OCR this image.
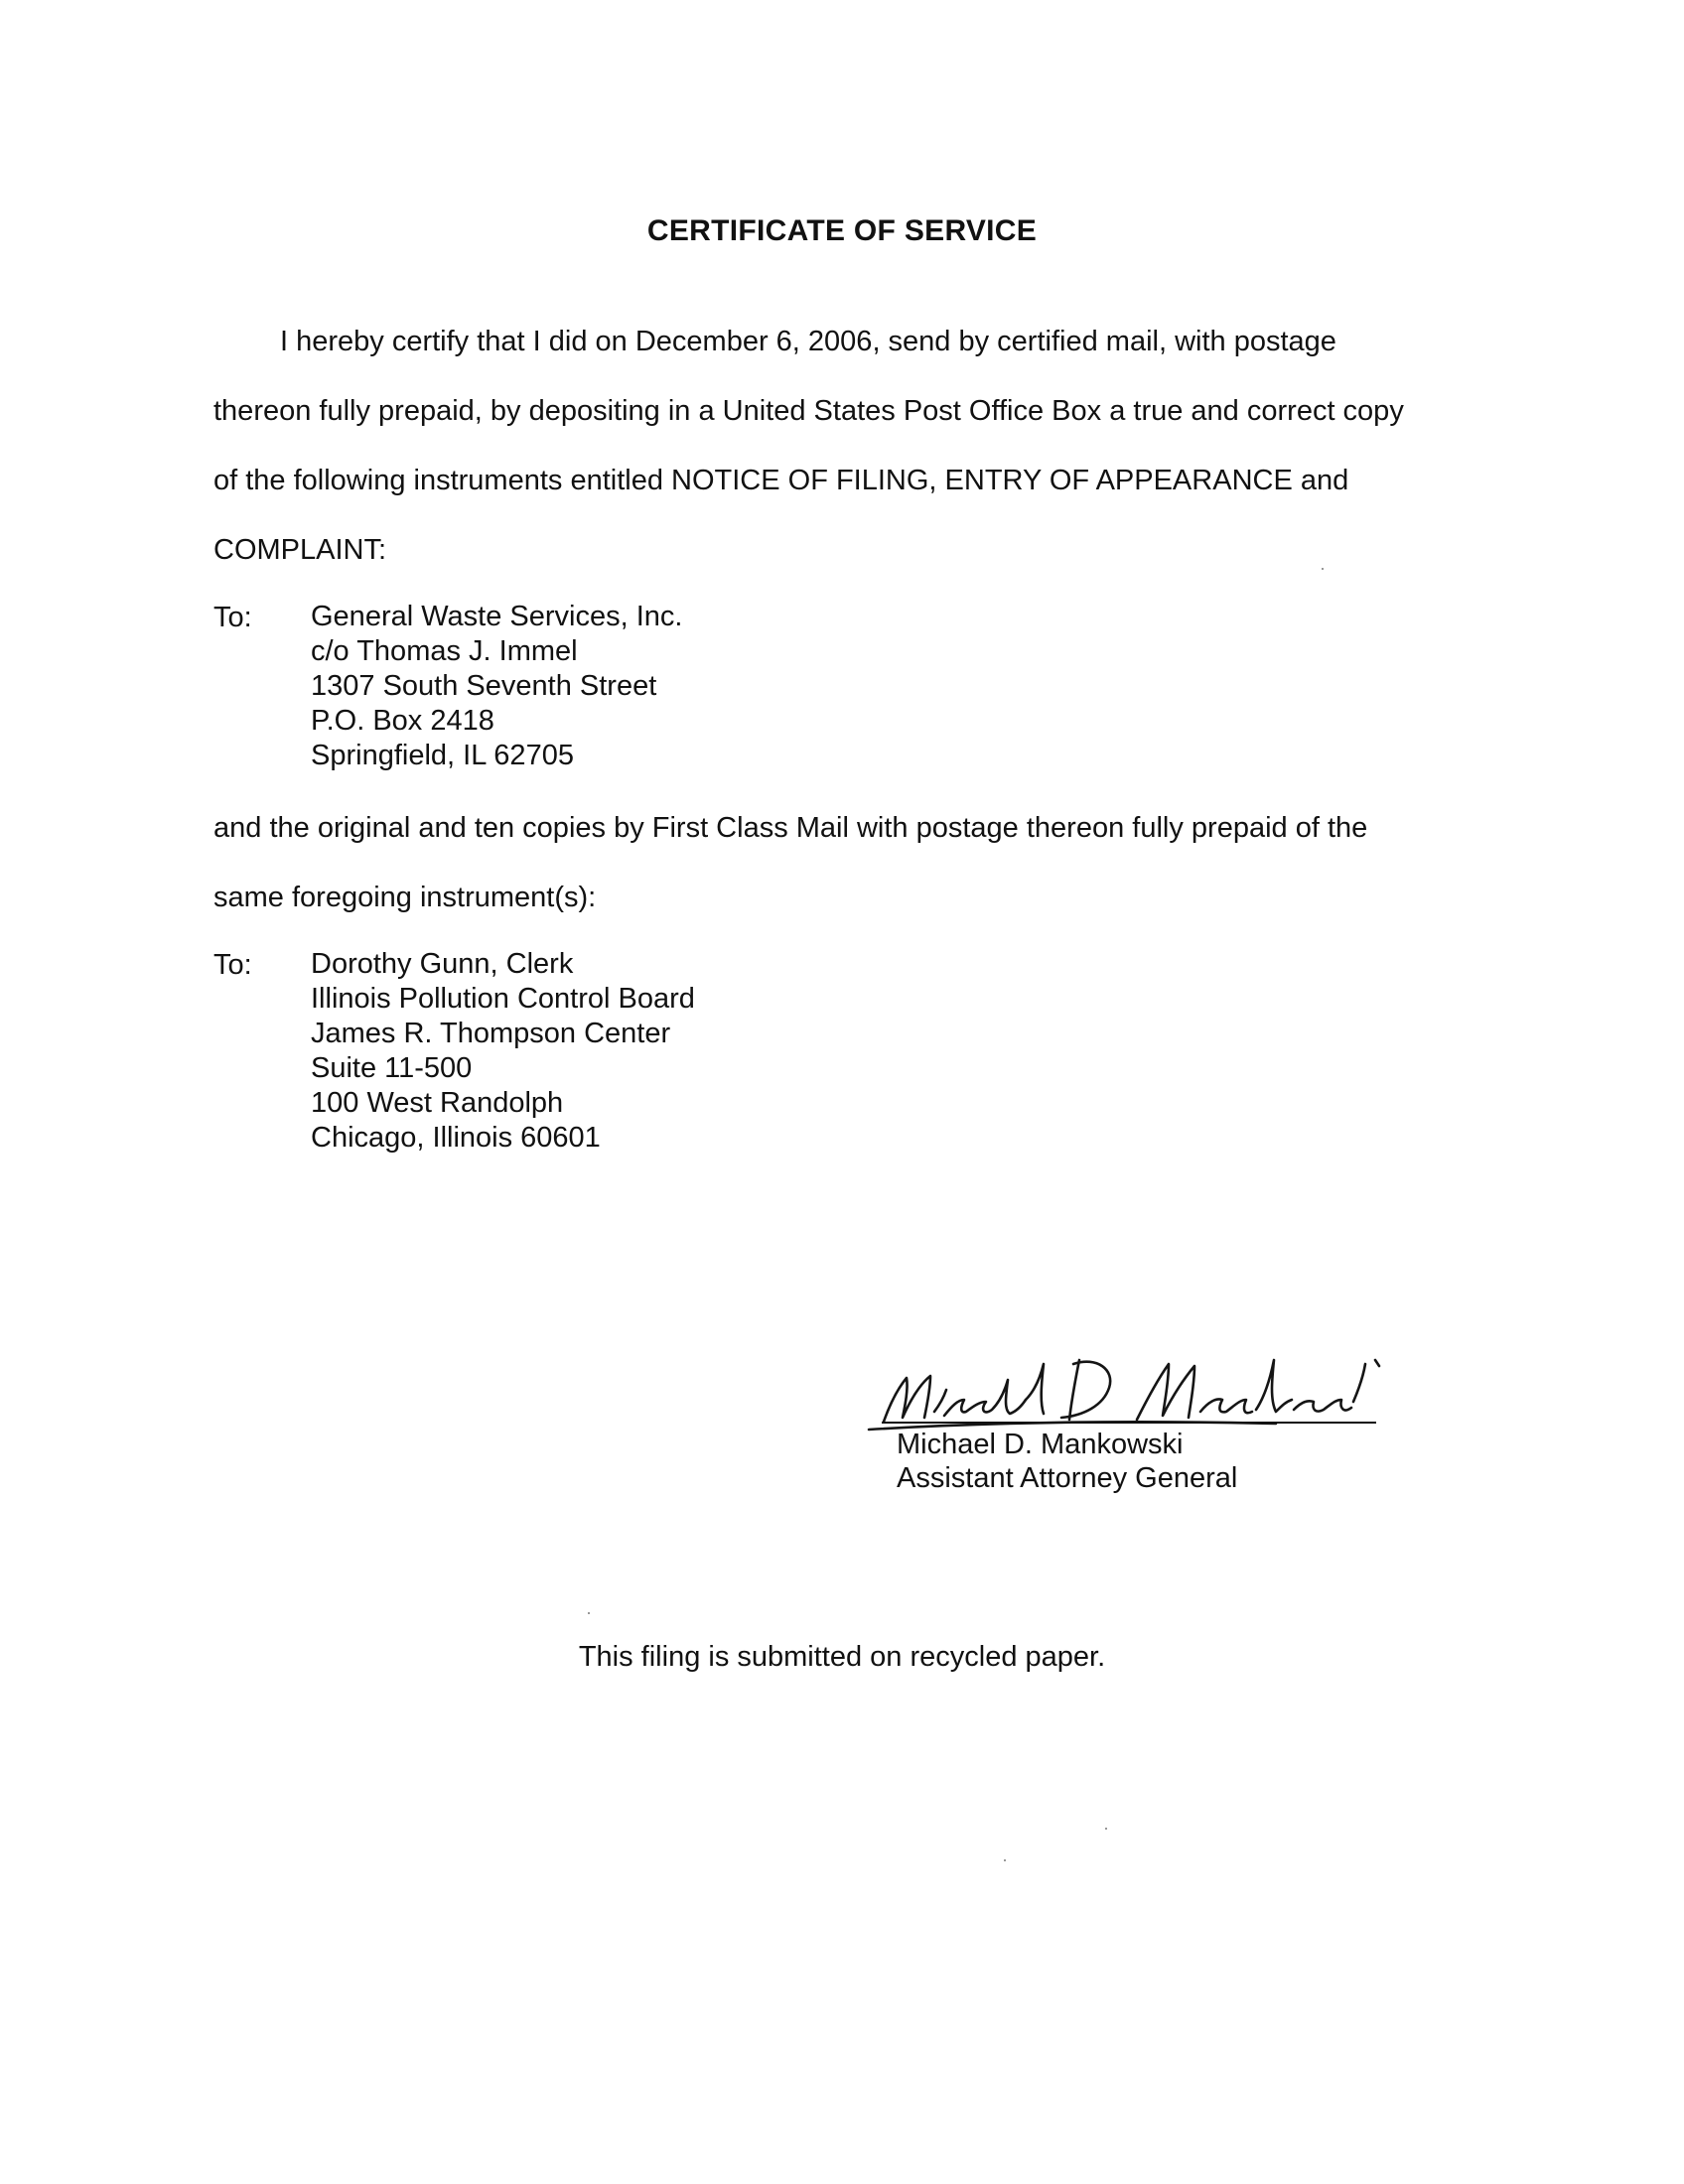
CERTIFICATE OF SERVICE
I hereby certify that I did on December 6, 2006, send by certified mail, with postage
thereon fully prepaid, by depositing in a United States Post Office Box a true and correct copy
of the following instruments entitled NOTICE OF FILING, ENTRY OF APPEARANCE and
COMPLAINT:
To: General Waste Services, Inc.
c/o Thomas J. Immel
1307 South Seventh Street
P.O. Box 2418
Springfield, IL 62705
and the original and ten copies by First Class Mail with postage thereon fully prepaid of the
same foregoing instrument(s):
To: Dorothy Gunn, Clerk
Illinois Pollution Control Board
James R. Thompson Center
Suite 11-500
100 West Randolph
Chicago, Illinois 60601
Michael D. Mankowski
Assistant Attorney General
This filing is submitted on recycled paper.
